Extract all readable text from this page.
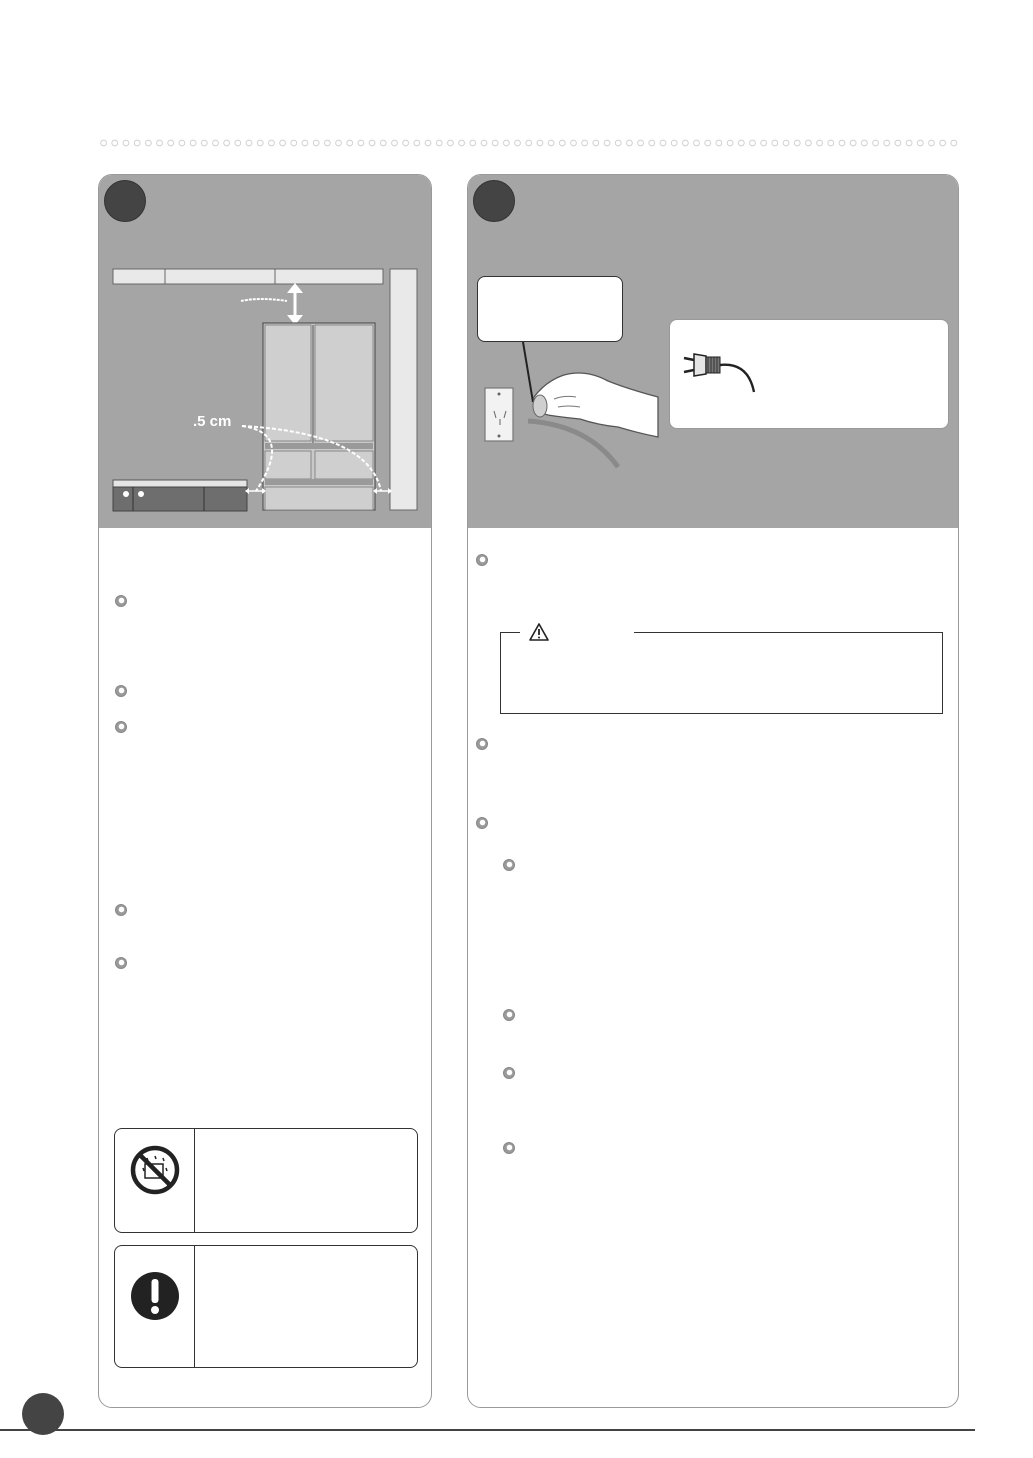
.5 cm
